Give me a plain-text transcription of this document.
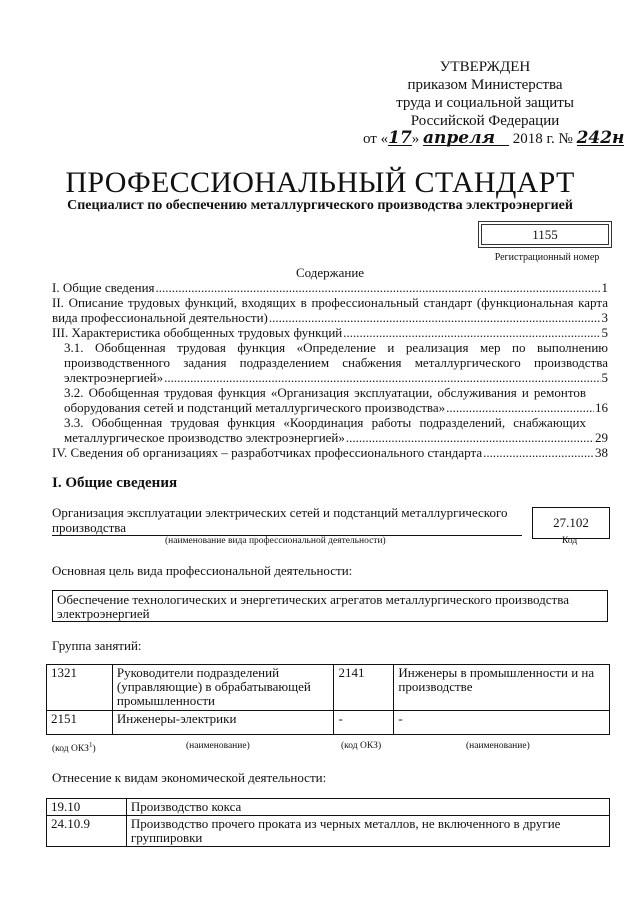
УТВЕРЖДЕН
приказом Министерства
труда и социальной защиты
Российской Федерации
от «17» апреля 2018 г. № 242н
ПРОФЕССИОНАЛЬНЫЙ СТАНДАРТ
Специалист по обеспечению металлургического производства электроэнергией
1155
Регистрационный номер
Содержание
I. Общие сведения .....	1
II. Описание трудовых функций, входящих в профессиональный стандарт (функциональная карта вида профессиональной деятельности) .....	3
III. Характеристика обобщенных трудовых функций .....	5
3.1. Обобщенная трудовая функция «Определение и реализация мер по выполнению производственного задания подразделением снабжения металлургического производства электроэнергией» .....	5
3.2. Обобщенная трудовая функция «Организация эксплуатации, обслуживания и ремонтов оборудования сетей и подстанций металлургического производства» .....	16
3.3. Обобщенная трудовая функция «Координация работы подразделений, снабжающих металлургическое производство электроэнергией» .....	29
IV. Сведения об организациях – разработчиках профессионального стандарта .....	38
I. Общие сведения
Организация эксплуатации электрических сетей и подстанций металлургического производства	27.102
(наименование вида профессиональной деятельности)	Код
Основная цель вида профессиональной деятельности:
Обеспечение технологических и энергетических агрегатов металлургического производства электроэнергией
Группа занятий:
1321	Руководители подразделений (управляющие) в обрабатывающей промышленности	2141	Инженеры в промышленности и на производстве
2151	Инженеры-электрики	-	-
(код ОКЗ$^1$)	(наименование)	(код ОКЗ)	(наименование)
Отнесение к видам экономической деятельности:
19.10	Производство кокса
24.10.9	Производство прочего проката из черных металлов, не включенного в другие группировки
